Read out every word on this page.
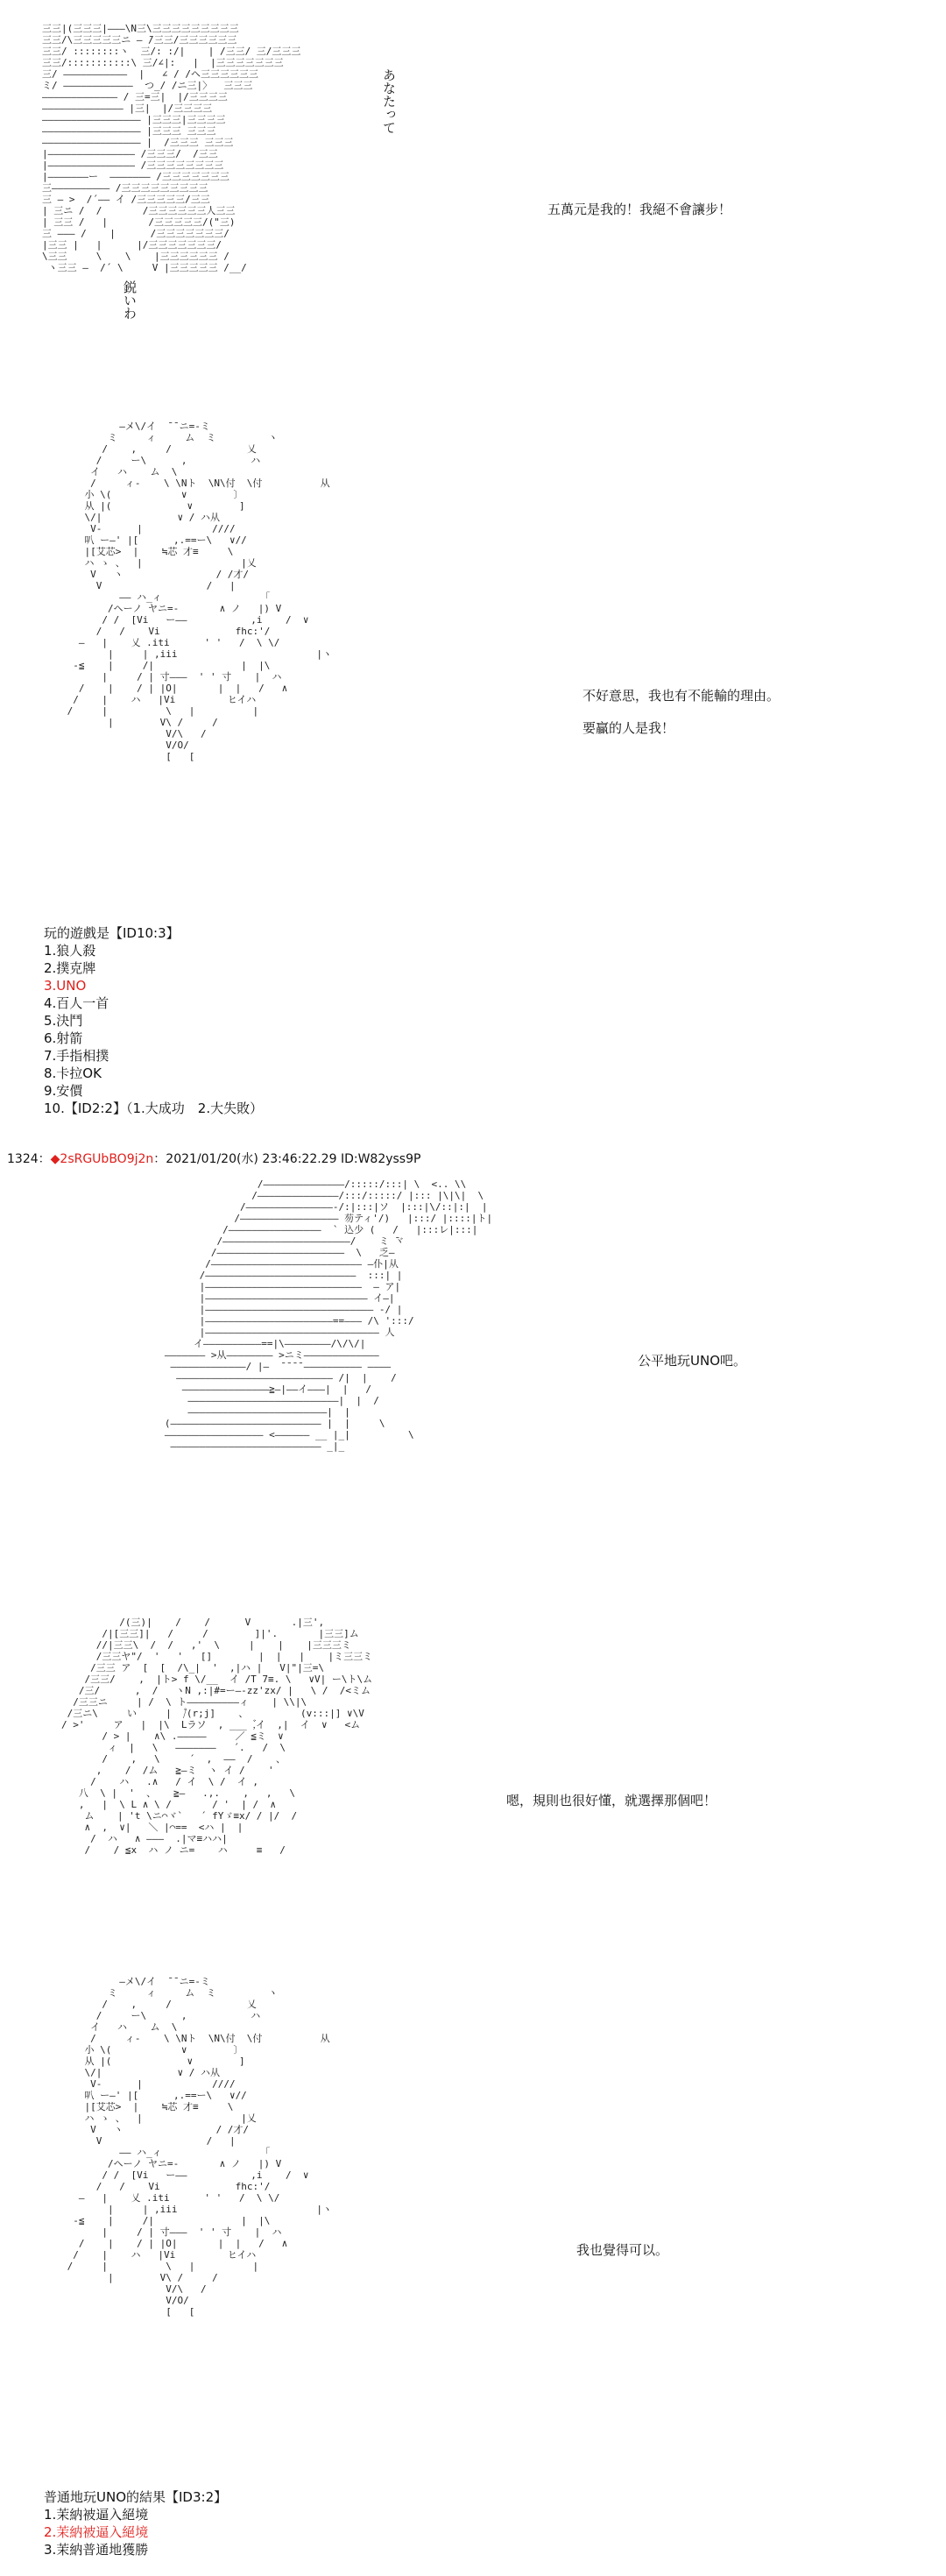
三三|(三三三|―――\N三\三三三三三三三三三
三三/\三三三三三ニ ― ̄/三三/三三三三三三
三三/ ::::::::ヽ  三/: :/|    | /三三/ 三/三三三
三三/:::::::::::\ 三/∠|:   |  |三三三三三三三
三/ ―――――――――――  |   ∠ / /ヘ三三三三三三
ミ/ ――――――――――――  つ_/ /ニ三|〉  三三三
――――――――――――― / 三=三|  |/三三三三
―――――――――――――― |三|  |/三三三三
――――――――――――――――― |三三三|三三三三
――――――――――――――――― |三三三 三三三
――――――――――――――――― |  /三三三 三三三
|――――――――――――――― /三三三/  /三三
|――――――――――――――― /三三三三三三三三
|―――――――ー  ――――――― /三三三三三三三
三―――――――――― /三三三三三三三三三
三 ― >  /´―― イ /三三三三三/三三
| 三ニ /  /       /三三三三三三人三三
| 三三 /   |       /三三三三三/("三)
三 ――― /    |      /三三三三三三三/
|三三 |   |      |/三三三三三三三/
\三三     \    \    |三三三三三三 /
ヽ三三 ―  /´ \     V |三三三三三 /__/
あなたって
鋭いわ
五萬元是我的！我絕不會讓步！
―メ\/イ  ̄ ̄ ニ=-ミ
ミ     ィ     ム  ミ         ヽ
/    ,     /             乂
/     ー\      ,           ハ
イ   ハ    ム  \
/     ィ-    \ \Nト  \N\付  \付          从
小 \(            ∨        〕
从 |(             ∨        ]
\/|             ∨ / ハ从
V-      |            ////
叭 ー―' |[      ,.==ー\   ∨//
|[艾芯>  |    ≒芯 才≡     \
ハ ゝ 、  |                 |乂
V   ヽ                / /才/
V                  /   |
―― ハ_ィ                 「
/ヘーノ ヤニ=-       ∧ ノ   |) V
/ /  [Vi   ー――           ,i    /  ∨
/   /    Vi             fhc:'/
―   |    乂 .iti      ' '   /  \ \/
|     | ,iii                        |ヽ
-≦    |     /|               |  |\
|     / | 寸―――  ' ' 寸    |  ハ
/    |    / | |O|       |  |   /   ∧
/    |    ハ   |Vi         ヒイハ
/     |          \   |          |
|        V\ /     /
V/\   /
V/O/
[   [
不好意思，我也有不能輸的理由。
要贏的人是我！
玩的遊戲是【ID10:3】
1.狼人殺
2.撲克牌
3.UNO
4.百人一首
5.決鬥
6.射箭
7.手指相撲
8.卡拉OK
9.安價
10.【ID2:2】（1.大成功　2.大失敗）
1324：◆2sRGUbBO9j2n：2021/01/20(水) 23:46:22.29 ID:W82yss9P
/――――――――――――――/:::::/:::| \  <.. \\
/――――――――――――――/:::/:::::/ |::: |\|\|  \
/―――――――――――――――-/:|:::|ソ  |:::|\/::|:|  |
/――――――――――――――――― 芴ティ'/)   |:::/ |::::|ト|
/――――――――――――――――  ` 込少 (   /   |:::レ|:::|
/――――――――――――――――――――――/    ミ ̄ヾ
/――――――――――――――――――――――  \   乏―
/―――――――――――――――――――――――――― ―仆|从
/――――――――――――――――――――――――――  :::| |
|―――――――――――――――――――――――――――  ― ア|
|―――――――――――――――――――――――――――― イ―|
|――――――――――――――――――――――――――――― -/ |
|――――――――――――――――――――――==――― /\ ':::/
|―――――――――――――――――――――――――――――― 人
イ――――――――――==|\――――――――/\/\/|
――――――― >从―――――――― >ニミ―――――――――――――
―――――――――――――/ |―  ̄ ̄ ̄ ̄ ―――――――――― ――――
――――――――――――――――――――――――――― /|  |    /
―――――――――――――――≧―|――イ―――|  |   /
――――――――――――――――――――――――――|  |  /
――――――――――――――――――――――――|  |
(―――――――――――――――――――――――――― |  |     \
――――――――――――――――― <―――――― __ |_|          \
―――――――――――――――――――――――――― _|_
公平地玩UNO吧。
/(三)|    /    /      V       .|三',
/|[三三]|   /     /        ]|'.       |三三]ム
//|三三\  /  /   ,'  \     |    |    |三三三ミ
/三三ヤ"/  '   '   []        |  |   |    |ミ三三ミ
/三三 ア  [  [  /\_|  '  ,|ハ |   V|"|三=\
/三三/    ,  |ト> f \/__  イ /T 7≡. \   ∨V| ー\ト\ム
/三/      ,  /   ヽN ,:|#=ー―-zz'zx/ |   \ /  /<ミム
/三三ニ     | /  \ ト―――――――――ィ    | \\|\
/三ニ\     い     |  /゙(r;j]    、         (v:::|] ∨\V
/ >'     ア   |  |\  Lラソ  , ___ ,゙イ  ,|  イ  ∨   <ム
/ > |    ∧\ .―――――     ／ ≦ミ  ∨
ィ  |   \   ―――――――   ´.   /  \
/    ,   \     ´  ,  ――  /    、
,    /  /ム   ≧―ミ  ヽ イ /    '
/    ハ   .∧   / イ  \ /  イ ,
八  \ |  '  、   ≧―   .,.    ,   ,   \
,   |  \ L ∧ \ /       / '  | /  ∧
ム    | 't \ニ⌒ヾ`   ´ fYゞ≡x/ / |/  /
∧  ,  ∨|   ＼ |⌒==  <ハ |  |
/  ハ   ∧ ―――  .|マ≡ハハ|
/    / ≦x  ハ ノ ニ=    ハ     ≡   /

嗯，規則也很好懂，就選擇那個吧！
―メ\/イ  ̄ ̄ ニ=-ミ
ミ     ィ     ム  ミ         ヽ
/    ,     /             乂
/     ー\      ,           ハ
イ   ハ    ム  \
/     ィ-    \ \Nト  \N\付  \付          从
小 \(            ∨        〕
从 |(             ∨        ]
\/|             ∨ / ハ从
V-      |            ////
叭 ー―' |[      ,.==ー\   ∨//
|[艾芯>  |    ≒芯 才≡     \
ハ ゝ 、  |                 |乂
V   ヽ                / /才/
V                  /   |
―― ハ_ィ                 「
/ヘーノ ヤニ=-       ∧ ノ   |) V
/ /  [Vi   ー――           ,i    /  ∨
/   /    Vi             fhc:'/
―   |    乂 .iti      ' '   /  \ \/
|     | ,iii                        |ヽ
-≦    |     /|               |  |\
|     / | 寸―――  ' ' 寸    |  ハ
/    |    / | |O|       |  |   /   ∧
/    |    ハ   |Vi         ヒイハ
/     |          \   |          |
|        V\ /     /
V/\   /
V/O/
[   [
我也覺得可以。
普通地玩UNO的結果【ID3:2】
1.茉納被逼入絕境
2.茉納被逼入絕境
3.茉納普通地獲勝
